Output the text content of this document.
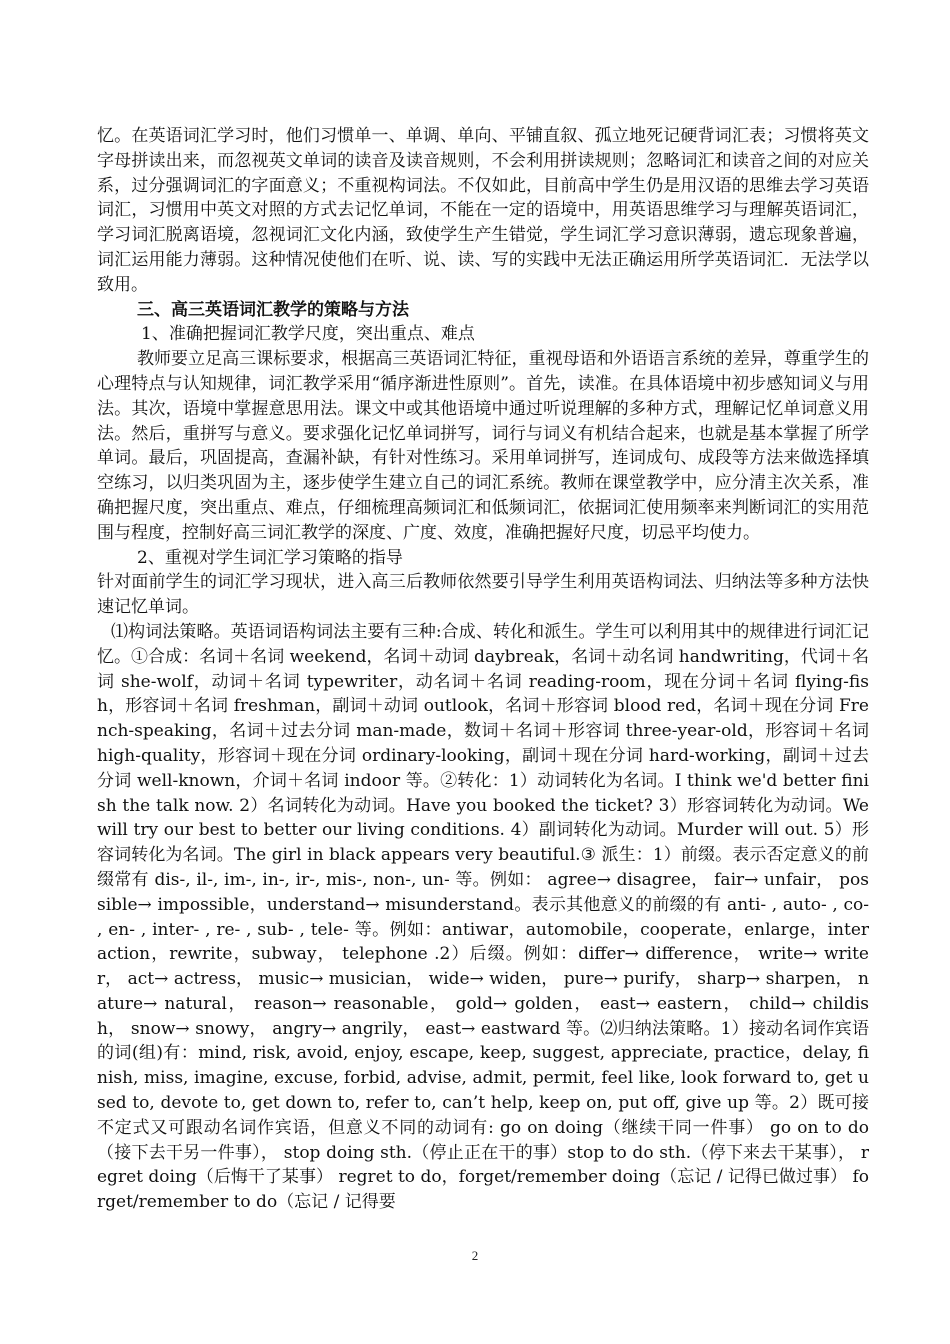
忆。在英语词汇学习时，他们习惯单一、单调、单向、平铺直叙、孤立地死记硬背词汇表；习惯将英文字母拼读出来，而忽视英文单词的读音及读音规则，不会利用拼读规则；忽略词汇和读音之间的对应关系，过分强调词汇的字面意义；不重视构词法。不仅如此，目前高中学生仍是用汉语的思维去学习英语词汇，习惯用中英文对照的方式去记忆单词，不能在一定的语境中，用英语思维学习与理解英语词汇，学习词汇脱离语境，忽视词汇文化内涵，致使学生产生错觉，学生词汇学习意识薄弱，遗忘现象普遍，词汇运用能力薄弱。这种情况使他们在听、说、读、写的实践中无法正确运用所学英语词汇．无法学以致用。

三、高三英语词汇教学的策略与方法

1、准确把握词汇教学尺度，突出重点、难点

教师要立足高三课标要求，根据高三英语词汇特征，重视母语和外语语言系统的差异，尊重学生的心理特点与认知规律，词汇教学采用“循序渐进性原则”。首先，读准。在具体语境中初步感知词义与用法。其次，语境中掌握意思用法。课文中或其他语境中通过听说理解的多种方式，理解记忆单词意义用法。然后，重拼写与意义。要求强化记忆单词拼写，词行与词义有机结合起来，也就是基本掌握了所学单词。最后，巩固提高，查漏补缺，有针对性练习。采用单词拼写，连词成句、成段等方法来做选择填空练习，以归类巩固为主，逐步使学生建立自己的词汇系统。教师在课堂教学中，应分清主次关系，准确把握尺度，突出重点、难点，仔细梳理高频词汇和低频词汇，依据词汇使用频率来判断词汇的实用范围与程度，控制好高三词汇教学的深度、广度、效度，准确把握好尺度，切忌平均使力。

2、重视对学生词汇学习策略的指导

针对面前学生的词汇学习现状，进入高三后教师依然要引导学生利用英语构词法、归纳法等多种方法快速记忆单词。

⑴构词法策略。英语词语构词法主要有三种:合成、转化和派生。学生可以利用其中的规律进行词汇记忆。①合成：名词＋名词 weekend，名词＋动词 daybreak，名词＋动名词 handwriting，代词＋名词 she-wolf，动词＋名词 typewriter，动名词＋名词 reading-room，现在分词＋名词 flying-fish，形容词＋名词 freshman，副词＋动词 outlook，名词＋形容词 blood red，名词＋现在分词 French-speaking，名词＋过去分词 man-made，数词＋名词＋形容词 three-year-old，形容词＋名词 high-quality，形容词＋现在分词 ordinary-looking，副词＋现在分词 hard-working，副词＋过去分词 well-known，介词＋名词 indoor 等。②转化：1）动词转化为名词。I think we'd better finish the talk now. 2）名词转化为动词。Have you booked the ticket? 3）形容词转化为动词。We will try our best to better our living conditions. 4）副词转化为动词。Murder will out. 5）形容词转化为名词。The girl in black appears very beautiful.③ 派生：1）前缀。表示否定意义的前缀常有 dis-, il-, im-, in-, ir-, mis-, non-, un- 等。例如： agree→ disagree， fair→ unfair， possible→ impossible，understand→ misunderstand。表示其他意义的前缀的有 anti- , auto- , co- , en- , inter- , re- , sub- , tele- 等。例如：antiwar，automobile，cooperate，enlarge，interaction，rewrite，subway， telephone .2）后缀。例如：differ→ difference， write→ writer， act→ actress， music→ musician， wide→ widen， pure→ purify， sharp→ sharpen， nature→ natural， reason→ reasonable， gold→ golden， east→ eastern， child→ childish， snow→ snowy， angry→ angrily， east→ eastward 等。⑵归纳法策略。1）接动名词作宾语的词(组)有：mind, risk, avoid, enjoy, escape, keep, suggest, appreciate, practice，delay, finish, miss, imagine, excuse, forbid, advise, admit, permit, feel like, look forward to, get used to, devote to, get down to, refer to, can’t help, keep on, put off, give up 等。2）既可接不定式又可跟动名词作宾语，但意义不同的动词有: go on doing（继续干同一件事） go on to do（接下去干另一件事）， stop doing sth.（停止正在干的事）stop to do sth.（停下来去干某事）， regret doing（后悔干了某事） regret to do，forget/remember doing（忘记 / 记得已做过事） forget/remember to do（忘记 / 记得要

2
